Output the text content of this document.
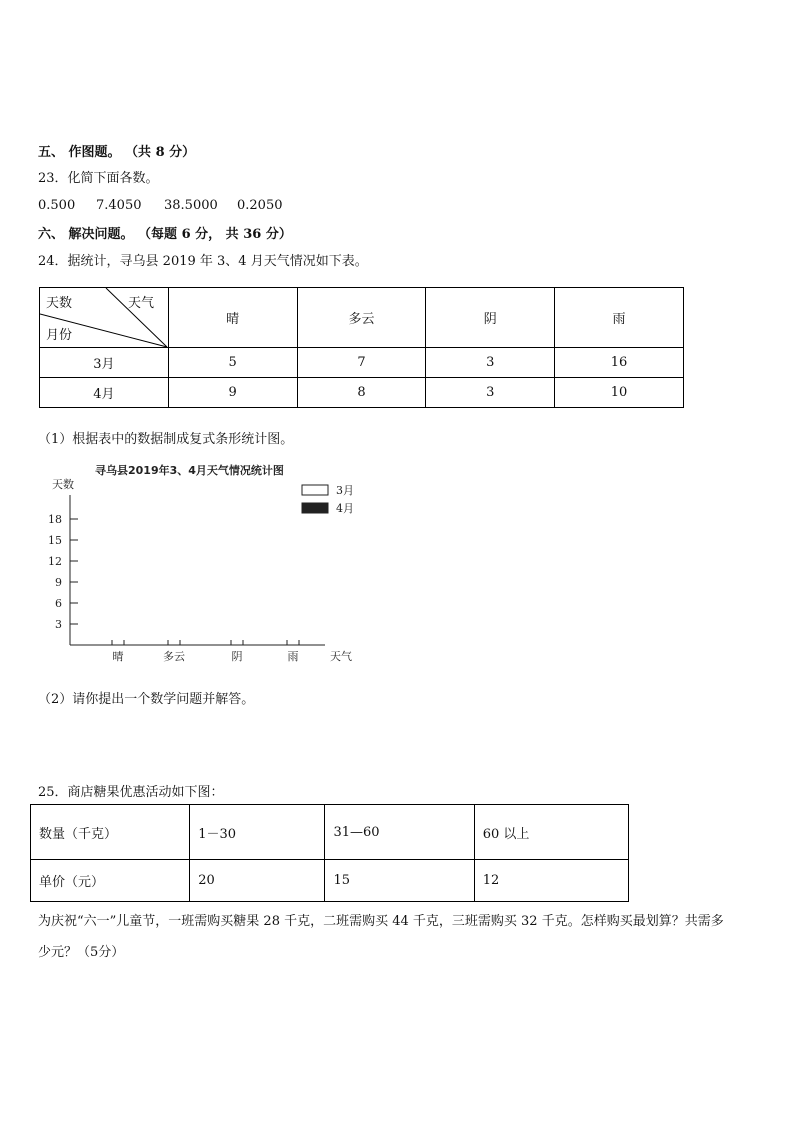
五、 作图题。 （共 8 分）
23．化简下面各数。
0.500 7.4050 38.5000 0.2050
六、 解决问题。 （每题 6 分， 共 36 分）
24．据统计，寻乌县 2019 年 3、4 月天气情况如下表。
天数 天气
月份	晴	多云	阴	雨
3月	5	7	3	16
4月	9	8	3	10
（1）根据表中的数据制成复式条形统计图。
寻乌县2019年3、4月天气情况统计图
天数
天气
3月
4月
3
6
9
12
15
18
晴	多云	阴	雨
（2）请你提出一个数学问题并解答。
25．商店糖果优惠活动如下图：
数量（千克）	1－30	31—60	60 以上
单价（元）	20	15	12
为庆祝“六一”儿童节，一班需购买糖果 28 千克，二班需购买 44 千克，三班需购买 32 千克。怎样购买最划算？共需多
少元？（5分）
